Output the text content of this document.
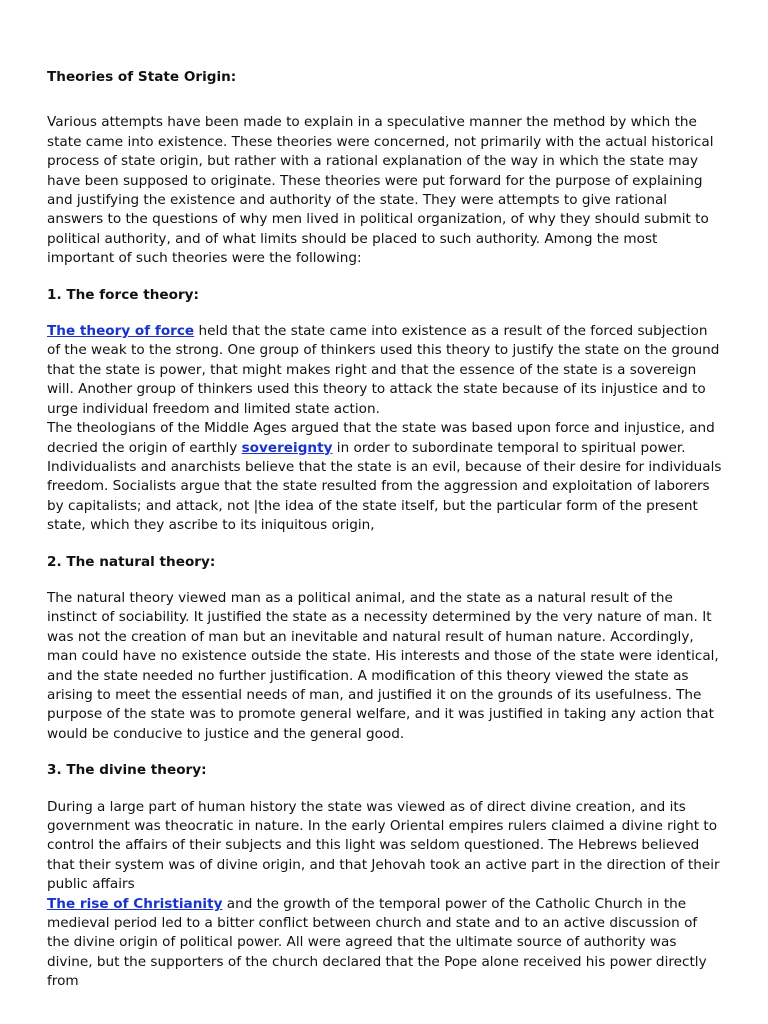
Theories of State Origin:

Various attempts have been made to explain in a speculative manner the method by which the state came into existence. These theories were concerned, not primarily with the actual historical process of state origin, but rather with a rational explanation of the way in which the state may have been supposed to originate. These theories were put forward for the purpose of explaining and justifying the existence and authority of the state. They were attempts to give rational answers to the questions of why men lived in political organization, of why they should submit to political authority, and of what limits should be placed to such authority. Among the most important of such theories were the following:

1. The force theory:

The theory of force held that the state came into existence as a result of the forced subjection of the weak to the strong. One group of thinkers used this theory to justify the state on the ground that the state is power, that might makes right and that the essence of the state is a sovereign will. Another group of thinkers used this theory to attack the state because of its injustice and to urge individual freedom and limited state action.

The theologians of the Middle Ages argued that the state was based upon force and injustice, and decried the origin of earthly sovereignty in order to subordinate temporal to spiritual power. Individualists and anarchists believe that the state is an evil, because of their desire for individuals freedom. Socialists argue that the state resulted from the aggression and exploitation of laborers by capitalists; and attack, not |the idea of the state itself, but the particular form of the present state, which they ascribe to its iniquitous origin,

2. The natural theory:

The natural theory viewed man as a political animal, and the state as a natural result of the instinct of sociability. It justified the state as a necessity determined by the very nature of man. It was not the creation of man but an inevitable and natural result of human nature. Accordingly, man could have no existence outside the state. His interests and those of the state were identical, and the state needed no further justification. A modification of this theory viewed the state as arising to meet the essential needs of man, and justified it on the grounds of its usefulness. The purpose of the state was to promote general welfare, and it was justified in taking any action that would be conducive to justice and the general good.

3. The divine theory:

During a large part of human history the state was viewed as of direct divine creation, and its government was theocratic in nature. In the early Oriental empires rulers claimed a divine right to control the affairs of their subjects and this light was seldom questioned. The Hebrews believed that their system was of divine origin, and that Jehovah took an active part in the direction of their public affairs

The rise of Christianity and the growth of the temporal power of the Catholic Church in the medieval period led to a bitter conflict between church and state and to an active discussion of the divine origin of political power. All were agreed that the ultimate source of authority was divine, but the supporters of the church declared that the Pope alone received his power directly from
